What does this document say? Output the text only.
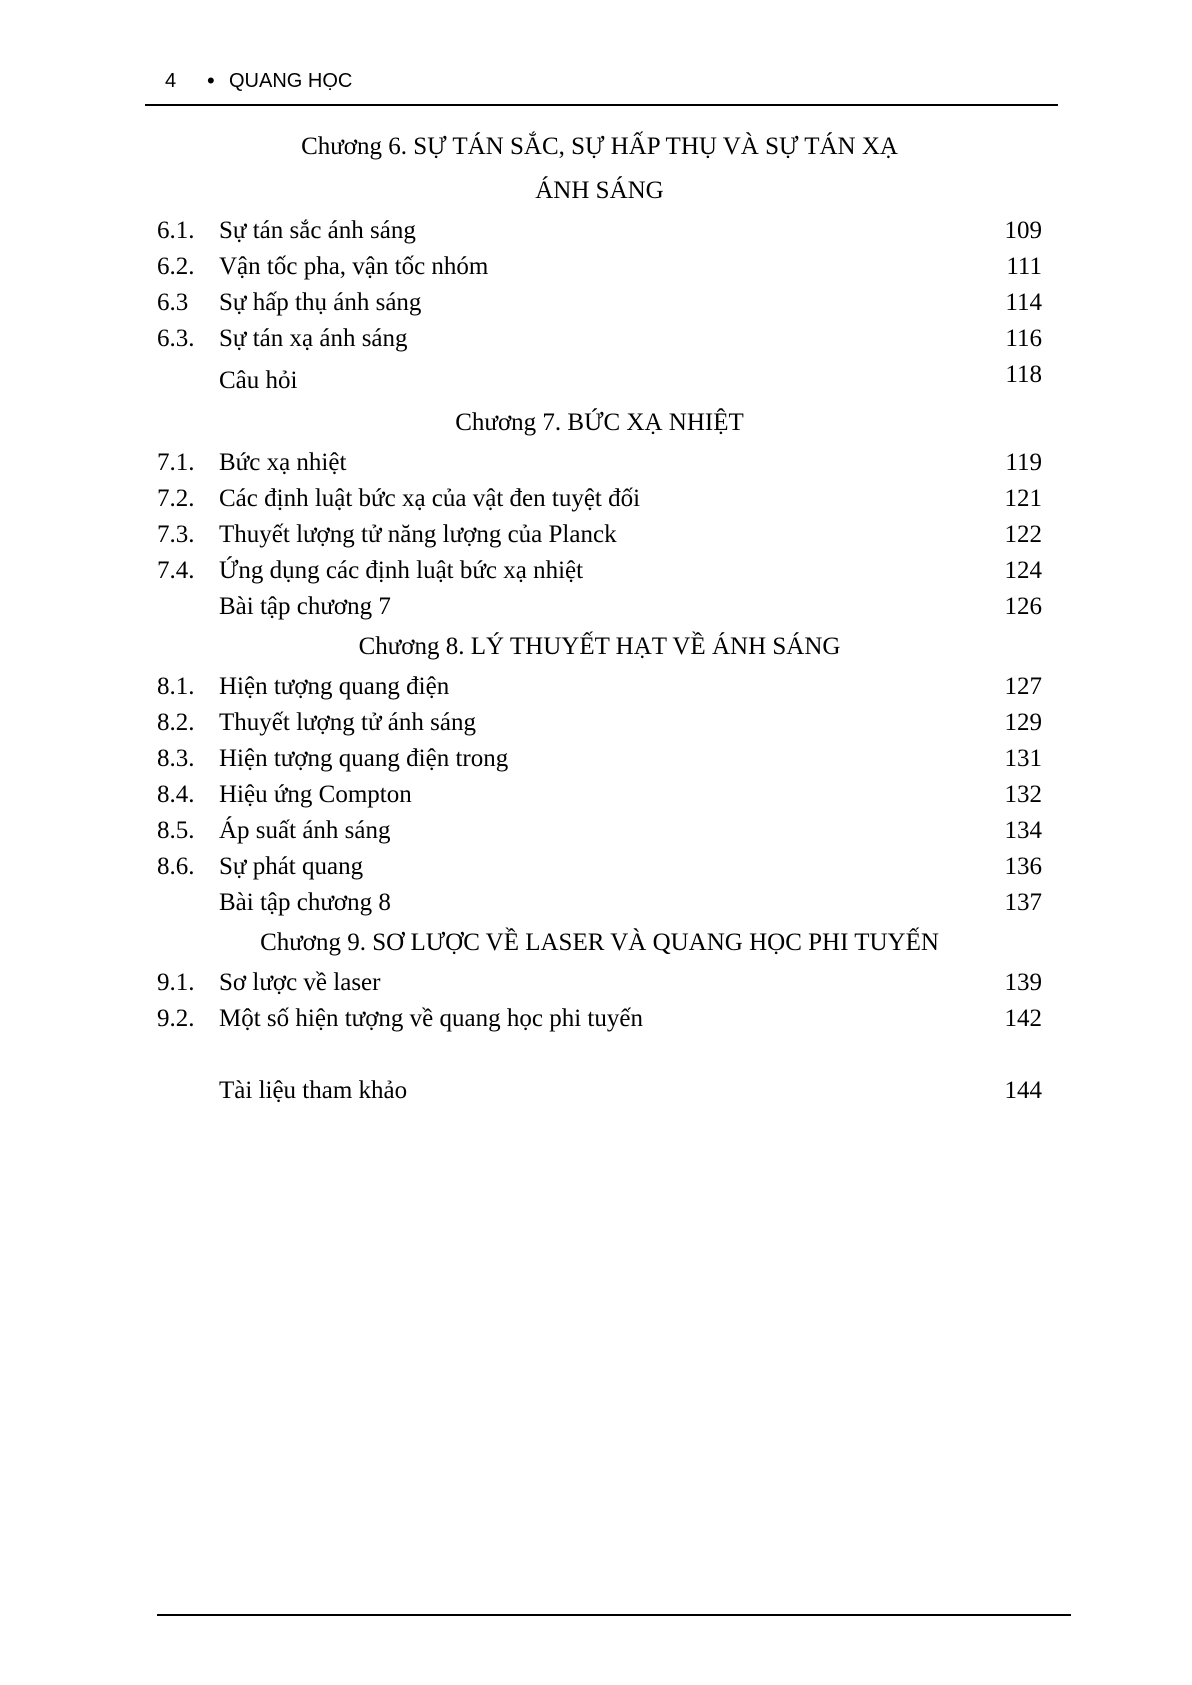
4 • QUANG HỌC

Chương 6. SỰ TÁN SẮC, SỰ HẤP THỤ VÀ SỰ TÁN XẠ

ÁNH SÁNG

6.1. Sự tán sắc ánh sáng	109
6.2. Vận tốc pha, vận tốc nhóm	111
6.3 Sự hấp thụ ánh sáng	114
6.3. Sự tán xạ ánh sáng	116
Câu hỏi	118

Chương 7. BỨC XẠ NHIỆT

7.1. Bức xạ nhiệt	119
7.2. Các định luật bức xạ của vật đen tuyệt đối	121
7.3. Thuyết lượng tử năng lượng của Planck	122
7.4. Ứng dụng các định luật bức xạ nhiệt	124
Bài tập chương 7	126

Chương 8. LÝ THUYẾT HẠT VỀ ÁNH SÁNG

8.1. Hiện tượng quang điện	127
8.2. Thuyết lượng tử ánh sáng	129
8.3. Hiện tượng quang điện trong	131
8.4. Hiệu ứng Compton	132
8.5. Áp suất ánh sáng	134
8.6. Sự phát quang	136
Bài tập chương 8	137

Chương 9. SƠ LƯỢC VỀ LASER VÀ QUANG HỌC PHI TUYẾN

9.1. Sơ lược về laser	139
9.2. Một số hiện tượng về quang học phi tuyến	142
Tài liệu tham khảo	144
